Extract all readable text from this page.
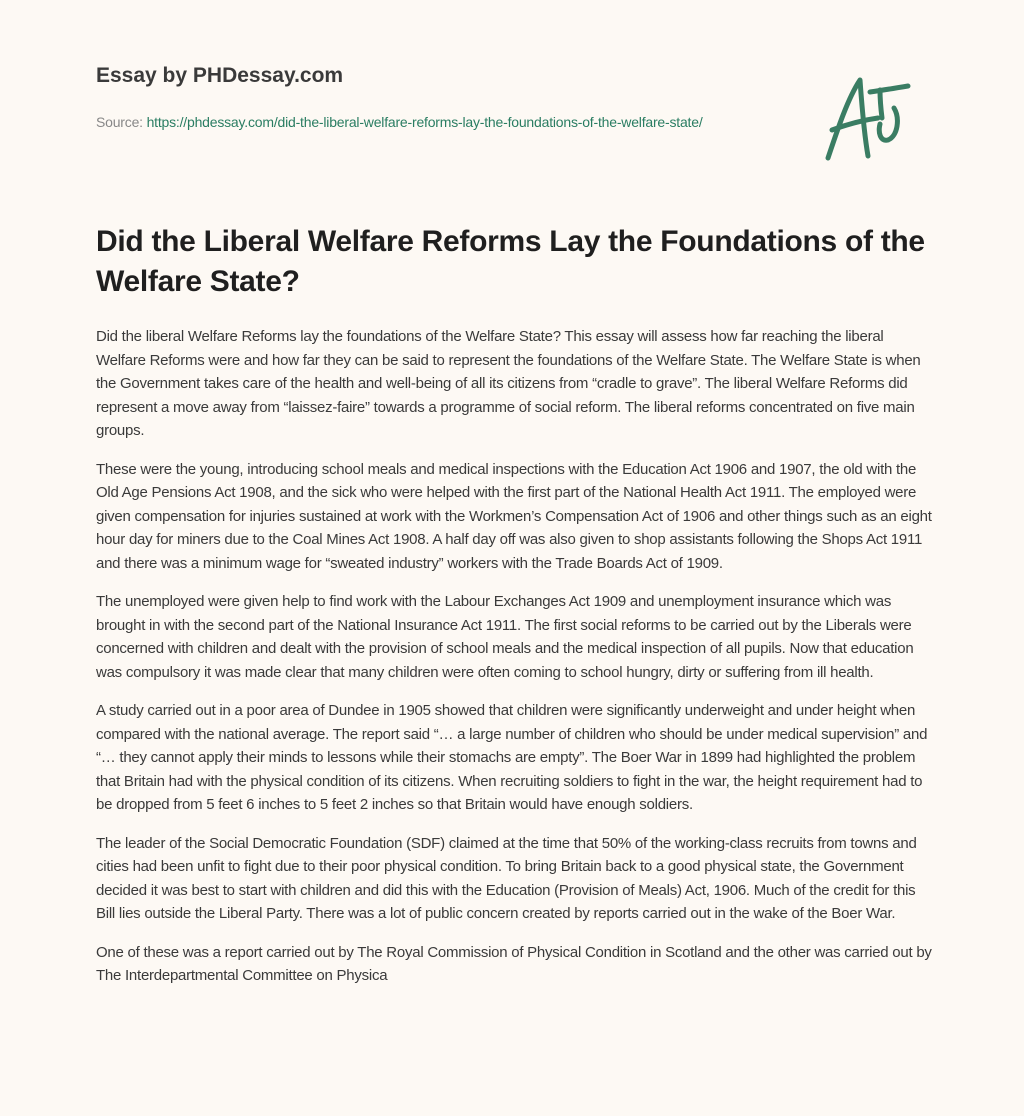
Essay by PHDessay.com
Source: https://phdessay.com/did-the-liberal-welfare-reforms-lay-the-foundations-of-the-welfare-state/
Did the Liberal Welfare Reforms Lay the Foundations of the Welfare State?

Did the liberal Welfare Reforms lay the foundations of the Welfare State? This essay will assess how far reaching the liberal Welfare Reforms were and how far they can be said to represent the foundations of the Welfare State. The Welfare State is when the Government takes care of the health and well-being of all its citizens from “cradle to grave”. The liberal Welfare Reforms did represent a move away from “laissez-faire” towards a programme of social reform. The liberal reforms concentrated on five main groups.

These were the young, introducing school meals and medical inspections with the Education Act 1906 and 1907, the old with the Old Age Pensions Act 1908, and the sick who were helped with the first part of the National Health Act 1911. The employed were given compensation for injuries sustained at work with the Workmen’s Compensation Act of 1906 and other things such as an eight hour day for miners due to the Coal Mines Act 1908. A half day off was also given to shop assistants following the Shops Act 1911 and there was a minimum wage for “sweated industry” workers with the Trade Boards Act of 1909.

The unemployed were given help to find work with the Labour Exchanges Act 1909 and unemployment insurance which was brought in with the second part of the National Insurance Act 1911. The first social reforms to be carried out by the Liberals were concerned with children and dealt with the provision of school meals and the medical inspection of all pupils. Now that education was compulsory it was made clear that many children were often coming to school hungry, dirty or suffering from ill health.

A study carried out in a poor area of Dundee in 1905 showed that children were significantly underweight and under height when compared with the national average. The report said “… a large number of children who should be under medical supervision” and “… they cannot apply their minds to lessons while their stomachs are empty”. The Boer War in 1899 had highlighted the problem that Britain had with the physical condition of its citizens. When recruiting soldiers to fight in the war, the height requirement had to be dropped from 5 feet 6 inches to 5 feet 2 inches so that Britain would have enough soldiers.

The leader of the Social Democratic Foundation (SDF) claimed at the time that 50% of the working-class recruits from towns and cities had been unfit to fight due to their poor physical condition. To bring Britain back to a good physical state, the Government decided it was best to start with children and did this with the Education (Provision of Meals) Act, 1906. Much of the credit for this Bill lies outside the Liberal Party. There was a lot of public concern created by reports carried out in the wake of the Boer War.

One of these was a report carried out by The Royal Commission of Physical Condition in Scotland and the other was carried out by The Interdepartmental Committee on Physica
